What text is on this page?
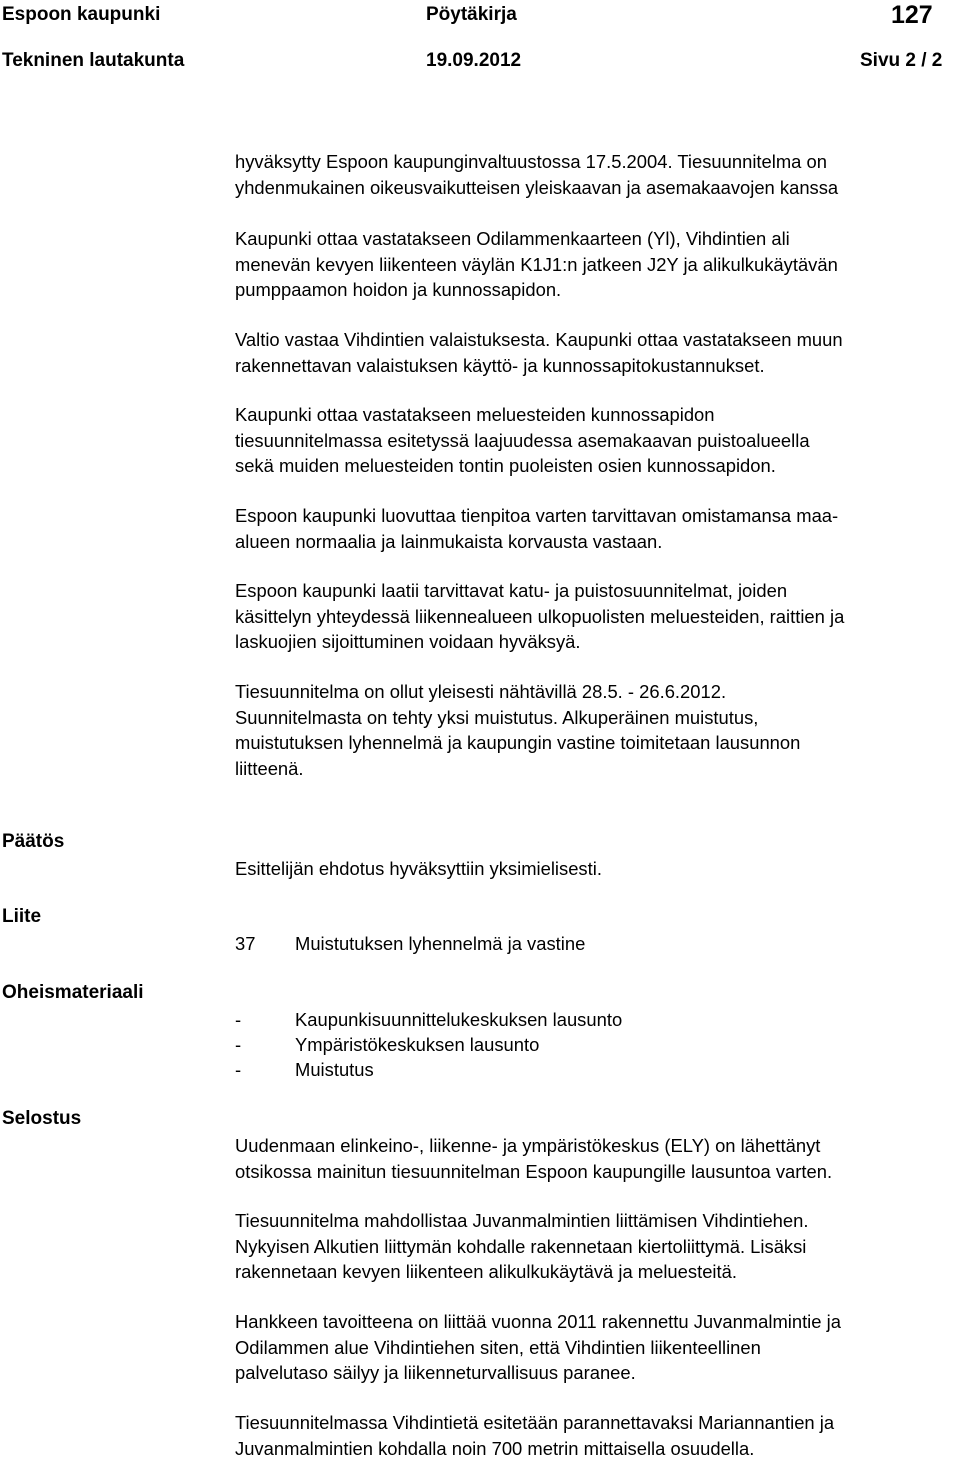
Espoon kaupunki	Pöytäkirja	127
Tekninen lautakunta	19.09.2012	Sivu 2 / 2
hyväksytty Espoon kaupunginvaltuustossa 17.5.2004. Tiesuunnitelma on
yhdenmukainen oikeusvaikutteisen yleiskaavan ja asemakaavojen kanssa
Kaupunki ottaa vastatakseen Odilammenkaarteen (Yl), Vihdintien ali
menevän kevyen liikenteen väylän K1J1:n jatkeen J2Y ja alikulkukäytävän
pumppaamon hoidon ja kunnossapidon.
Valtio vastaa Vihdintien valaistuksesta. Kaupunki ottaa vastatakseen muun
rakennettavan valaistuksen käyttö- ja kunnossapitokustannukset.
Kaupunki ottaa vastatakseen meluesteiden kunnossapidon
tiesuunnitelmassa esitetyssä laajuudessa asemakaavan puistoalueella
sekä muiden meluesteiden tontin puoleisten osien kunnossapidon.
Espoon kaupunki luovuttaa tienpitoa varten tarvittavan omistamansa maa-
alueen normaalia ja lainmukaista korvausta vastaan.
Espoon kaupunki laatii tarvittavat katu- ja puistosuunnitelmat, joiden
käsittelyn yhteydessä liikennealueen ulkopuolisten meluesteiden, raittien ja
laskuojien sijoittuminen voidaan hyväksyä.
Tiesuunnitelma on ollut yleisesti nähtävillä 28.5. - 26.6.2012.
Suunnitelmasta on tehty yksi muistutus. Alkuperäinen muistutus,
muistutuksen lyhennelmä ja kaupungin vastine toimitetaan lausunnon
liitteenä.
Päätös
Esittelijän ehdotus hyväksyttiin yksimielisesti.
Liite
37 Muistutuksen lyhennelmä ja vastine
Oheismateriaali
-	Kaupunkisuunnittelukeskuksen lausunto
-	Ympäristökeskuksen lausunto
-	Muistutus
Selostus
Uudenmaan elinkeino-, liikenne- ja ympäristökeskus (ELY) on lähettänyt
otsikossa mainitun tiesuunnitelman Espoon kaupungille lausuntoa varten.
Tiesuunnitelma mahdollistaa Juvanmalmintien liittämisen Vihdintiehen.
Nykyisen Alkutien liittymän kohdalle rakennetaan kiertoliittymä. Lisäksi
rakennetaan kevyen liikenteen alikulkukäytävä ja meluesteitä.
Hankkeen tavoitteena on liittää vuonna 2011 rakennettu Juvanmalmintie ja
Odilammen alue Vihdintiehen siten, että Vihdintien liikenteellinen
palvelutaso säilyy ja liikenneturvallisuus paranee.
Tiesuunnitelmassa Vihdintietä esitetään parannettavaksi Mariannantien ja
Juvanmalmintien kohdalla noin 700 metrin mittaisella osuudella.
